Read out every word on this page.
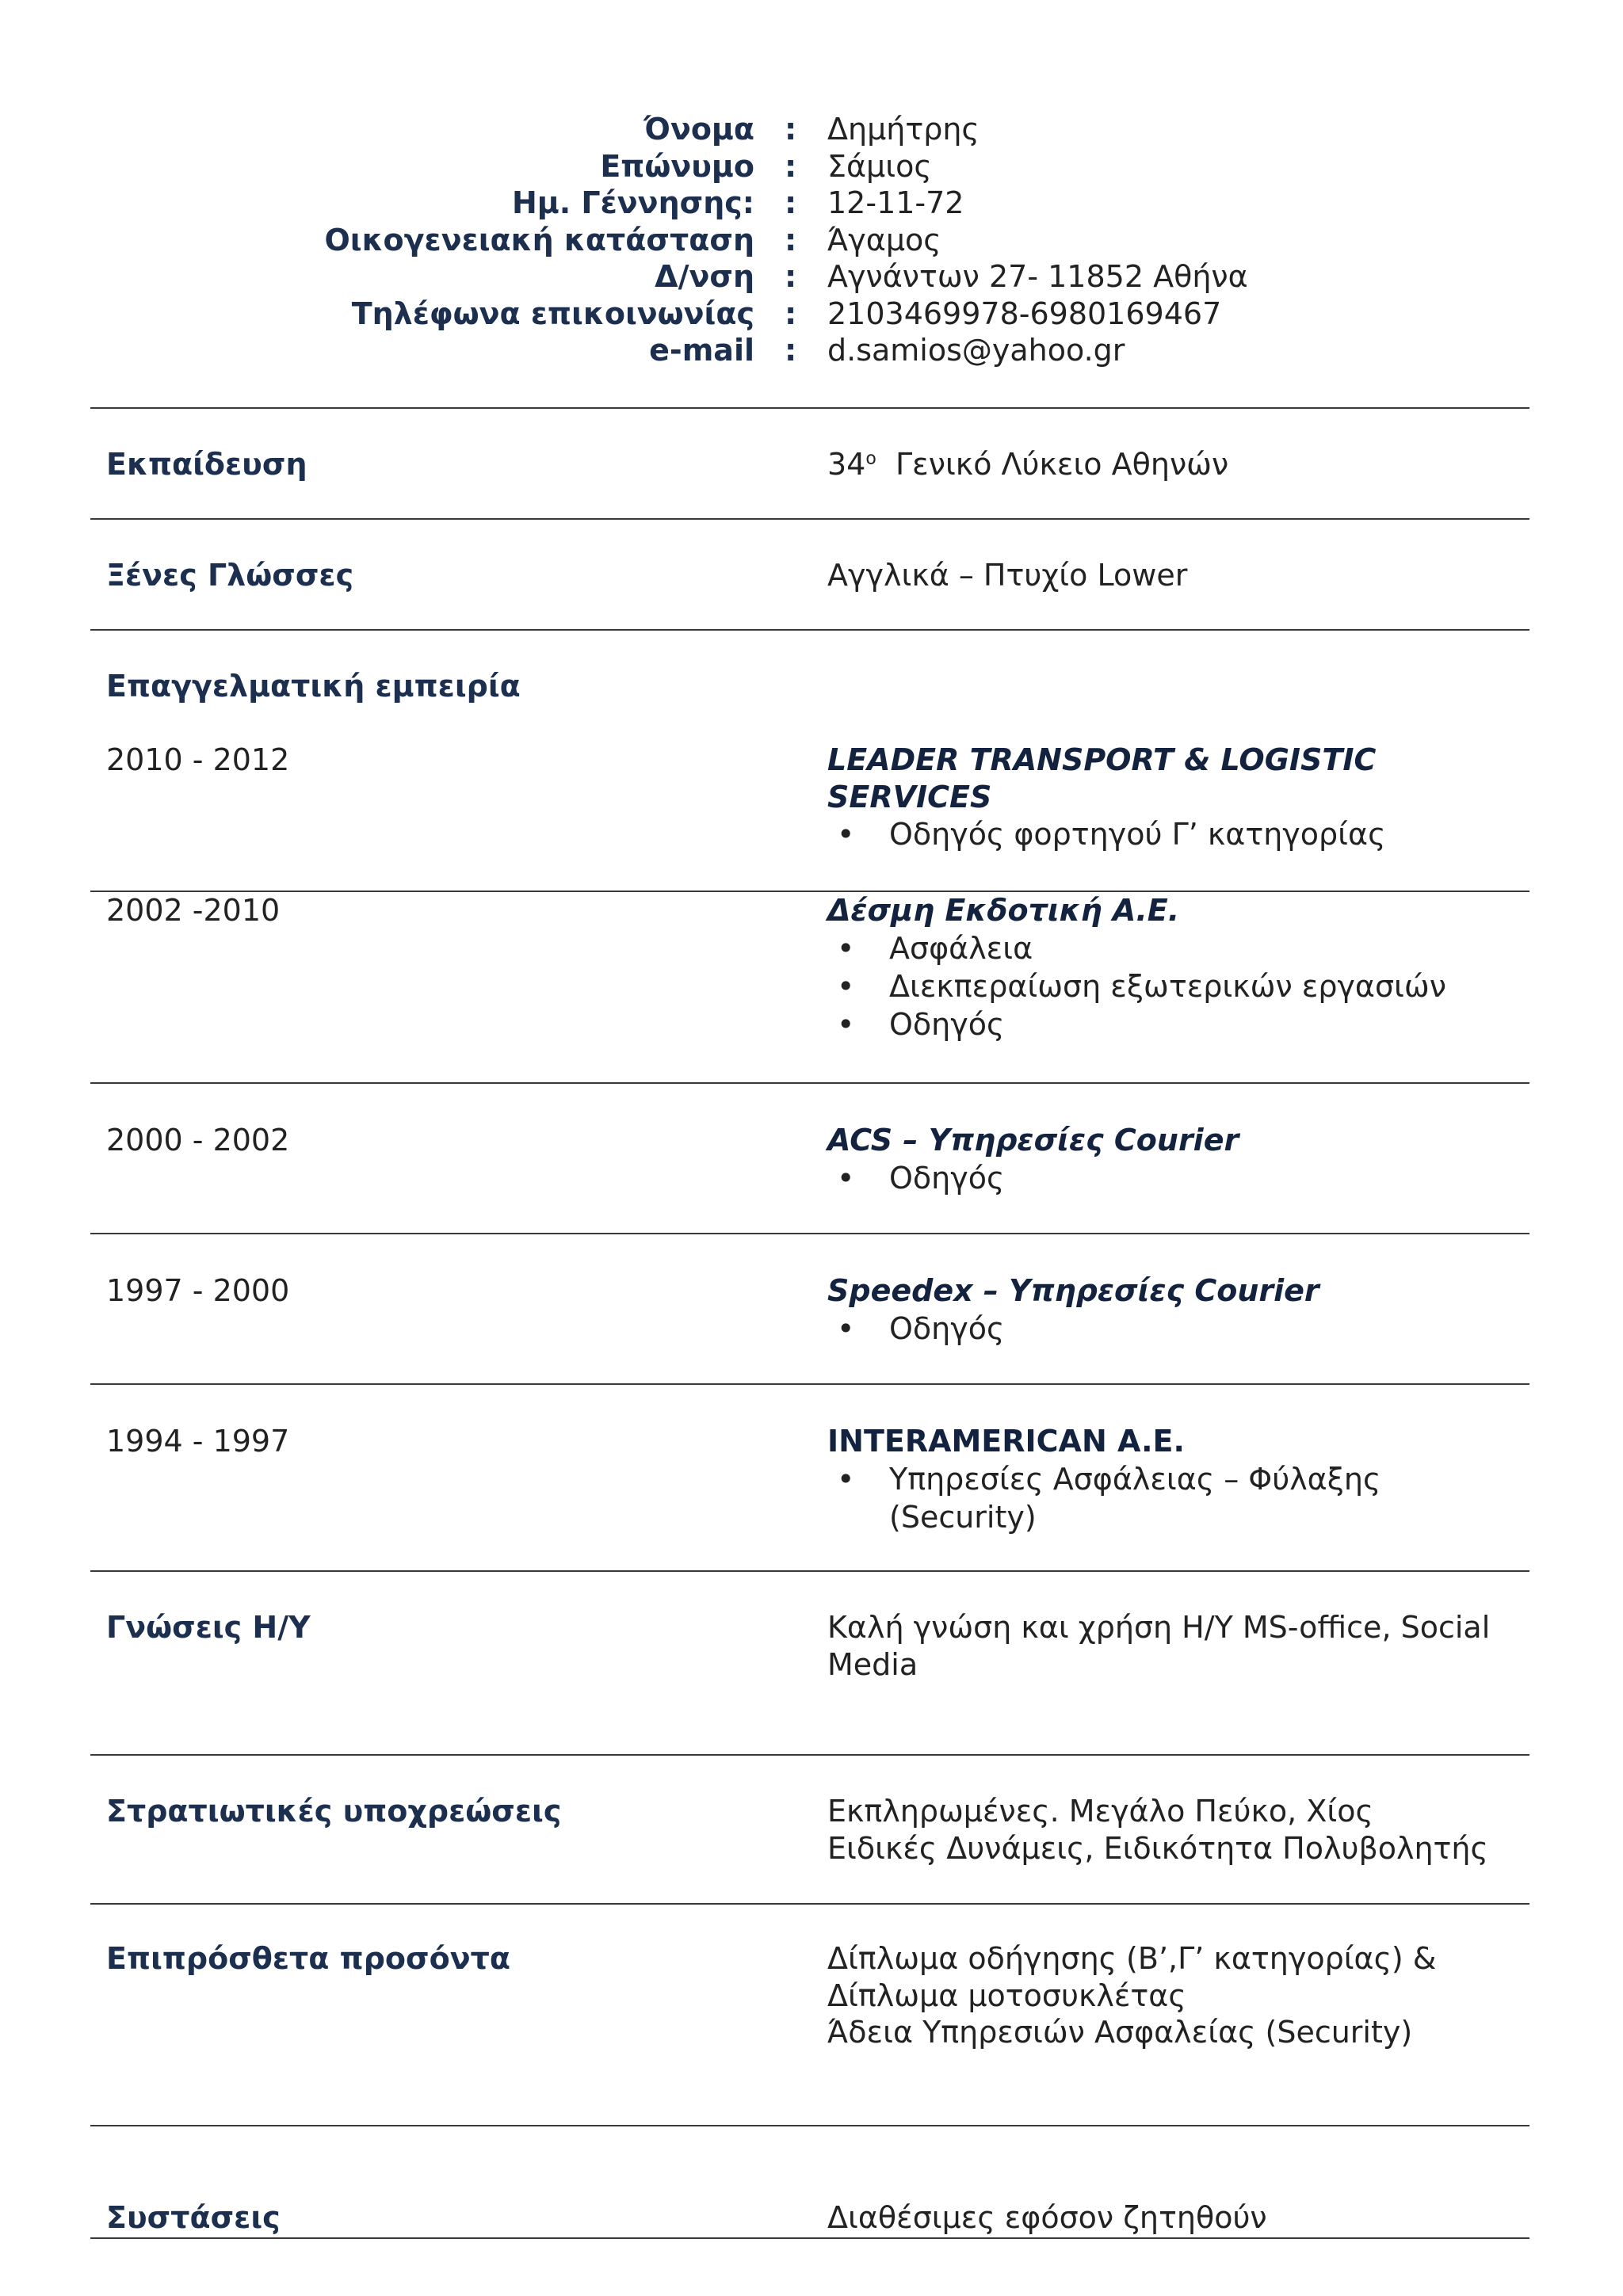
Όνομα : Δημήτρης
Επώνυμο : Σάμιος
Ημ. Γέννησης: : 12-11-72
Οικογενειακή κατάσταση : Άγαμος
Δ/νση : Αγνάντων 27- 11852 Αθήνα
Τηλέφωνα επικοινωνίας : 2103469978-6980169467
e-mail : d.samios@yahoo.gr
Εκπαίδευση	$34^o$ Γενικό Λύκειο Αθηνών
Ξένες Γλώσσες	Αγγλικά – Πτυχίο Lower
Επαγγελματική εμπειρία
2010 - 2012	LEADER TRANSPORT & LOGISTIC
SERVICES
• Οδηγός φορτηγού Γ’ κατηγορίας
2002 -2010	Δέσμη Εκδοτική Α.Ε.
• Ασφάλεια
• Διεκπεραίωση εξωτερικών εργασιών
• Οδηγός
2000 - 2002	ACS – Υπηρεσίες Courier
• Οδηγός
1997 - 2000	Speedex – Υπηρεσίες Courier
• Οδηγός
1994 - 1997	INTERAMERICAN A.E.
• Υπηρεσίες Ασφάλειας – Φύλαξης
(Security)
Γνώσεις Η/Υ	Καλή γνώση και χρήση Η/Υ MS-office, Social
Media
Στρατιωτικές υποχρεώσεις	Εκπληρωμένες. Μεγάλο Πεύκο, Χίος
Ειδικές Δυνάμεις, Ειδικότητα Πολυβολητής
Επιπρόσθετα προσόντα	Δίπλωμα οδήγησης (Β’,Γ’ κατηγορίας) &
Δίπλωμα μοτοσυκλέτας
Άδεια Υπηρεσιών Ασφαλείας (Security)
Συστάσεις	Διαθέσιμες εφόσον ζητηθούν
